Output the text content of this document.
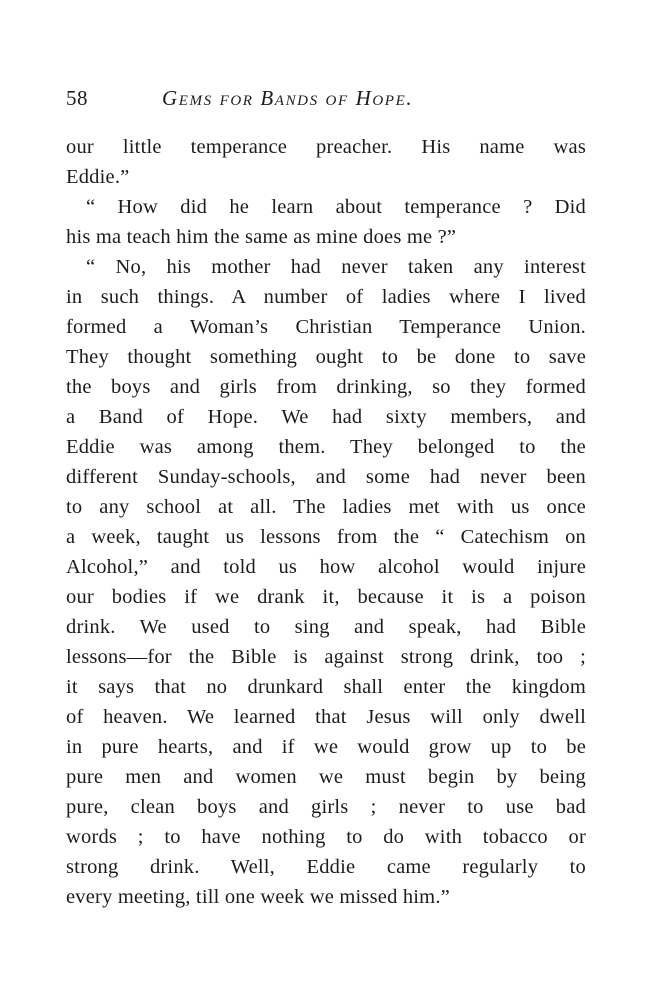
58	Gems for Bands of Hope.
our little temperance preacher. His name was
Eddie.”
“ How did he learn about temperance ? Did
his ma teach him the same as mine does me ?”
“ No, his mother had never taken any interest
in such things. A number of ladies where I lived
formed a Woman’s Christian Temperance Union.
They thought something ought to be done to save
the boys and girls from drinking, so they formed
a Band of Hope. We had sixty members, and
Eddie was among them. They belonged to the
different Sunday-schools, and some had never been
to any school at all. The ladies met with us once
a week, taught us lessons from the “ Catechism on
Alcohol,” and told us how alcohol would injure
our bodies if we drank it, because it is a poison
drink. We used to sing and speak, had Bible
lessons—for the Bible is against strong drink, too ;
it says that no drunkard shall enter the kingdom
of heaven. We learned that Jesus will only dwell
in pure hearts, and if we would grow up to be
pure men and women we must begin by being
pure, clean boys and girls ; never to use bad
words ; to have nothing to do with tobacco or
strong drink. Well, Eddie came regularly to
every meeting, till one week we missed him.”
